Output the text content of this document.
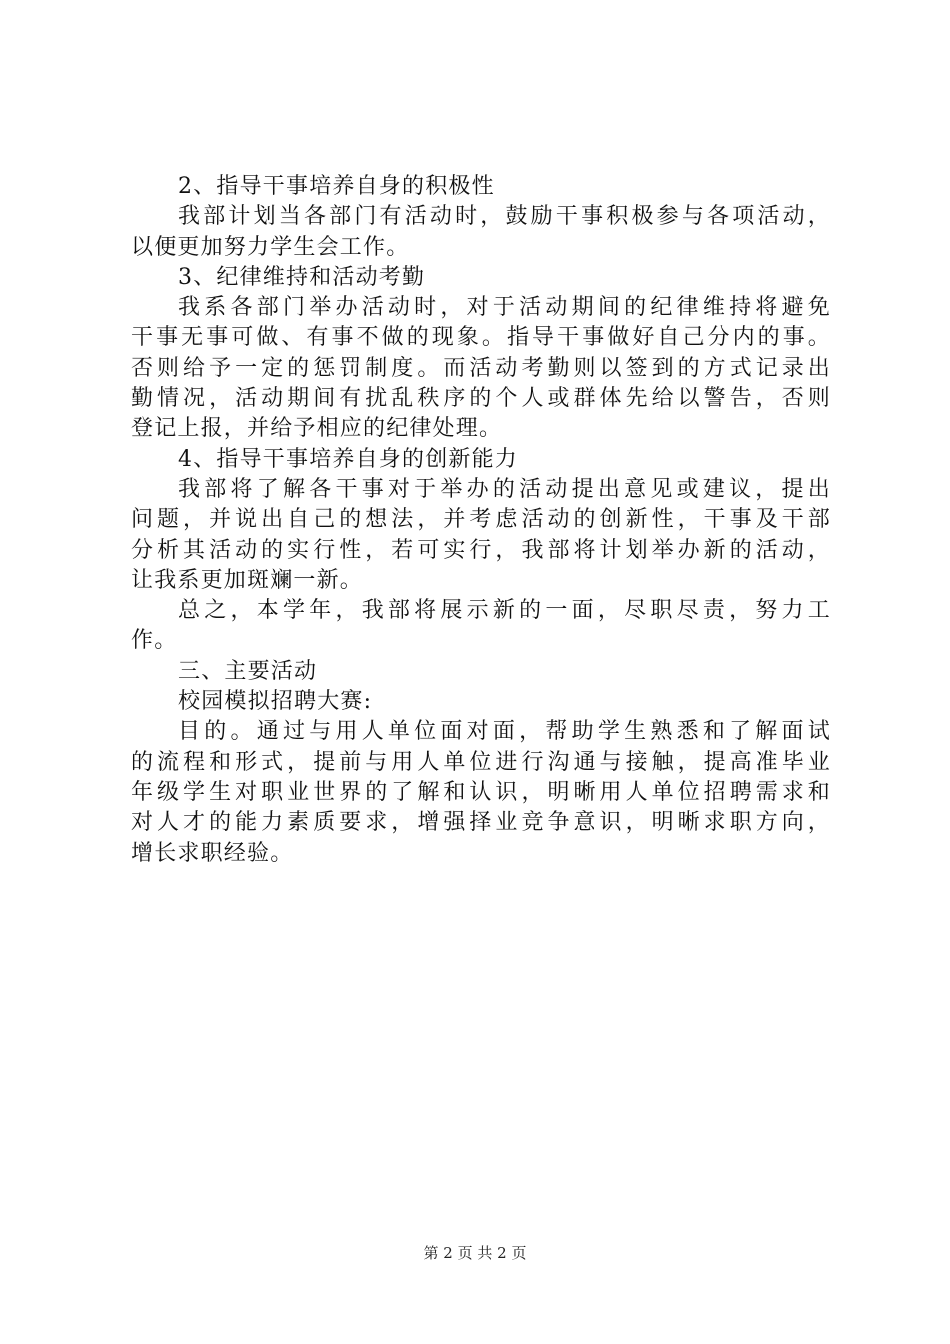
2、指导干事培养自身的积极性
我部计划当各部门有活动时，鼓励干事积极参与各项活动，
以便更加努力学生会工作。
3、纪律维持和活动考勤
我系各部门举办活动时，对于活动期间的纪律维持将避免
干事无事可做、有事不做的现象。指导干事做好自己分内的事。
否则给予一定的惩罚制度。而活动考勤则以签到的方式记录出
勤情况，活动期间有扰乱秩序的个人或群体先给以警告，否则
登记上报，并给予相应的纪律处理。
4、指导干事培养自身的创新能力
我部将了解各干事对于举办的活动提出意见或建议，提出
问题，并说出自己的想法，并考虑活动的创新性，干事及干部
分析其活动的实行性，若可实行，我部将计划举办新的活动，
让我系更加斑斓一新。
总之，本学年，我部将展示新的一面，尽职尽责，努力工
作。
三、主要活动
校园模拟招聘大赛:
目的。通过与用人单位面对面，帮助学生熟悉和了解面试
的流程和形式，提前与用人单位进行沟通与接触，提高准毕业
年级学生对职业世界的了解和认识，明晰用人单位招聘需求和
对人才的能力素质要求，增强择业竞争意识，明晰求职方向，
增长求职经验。
第 2 页 共 2 页
